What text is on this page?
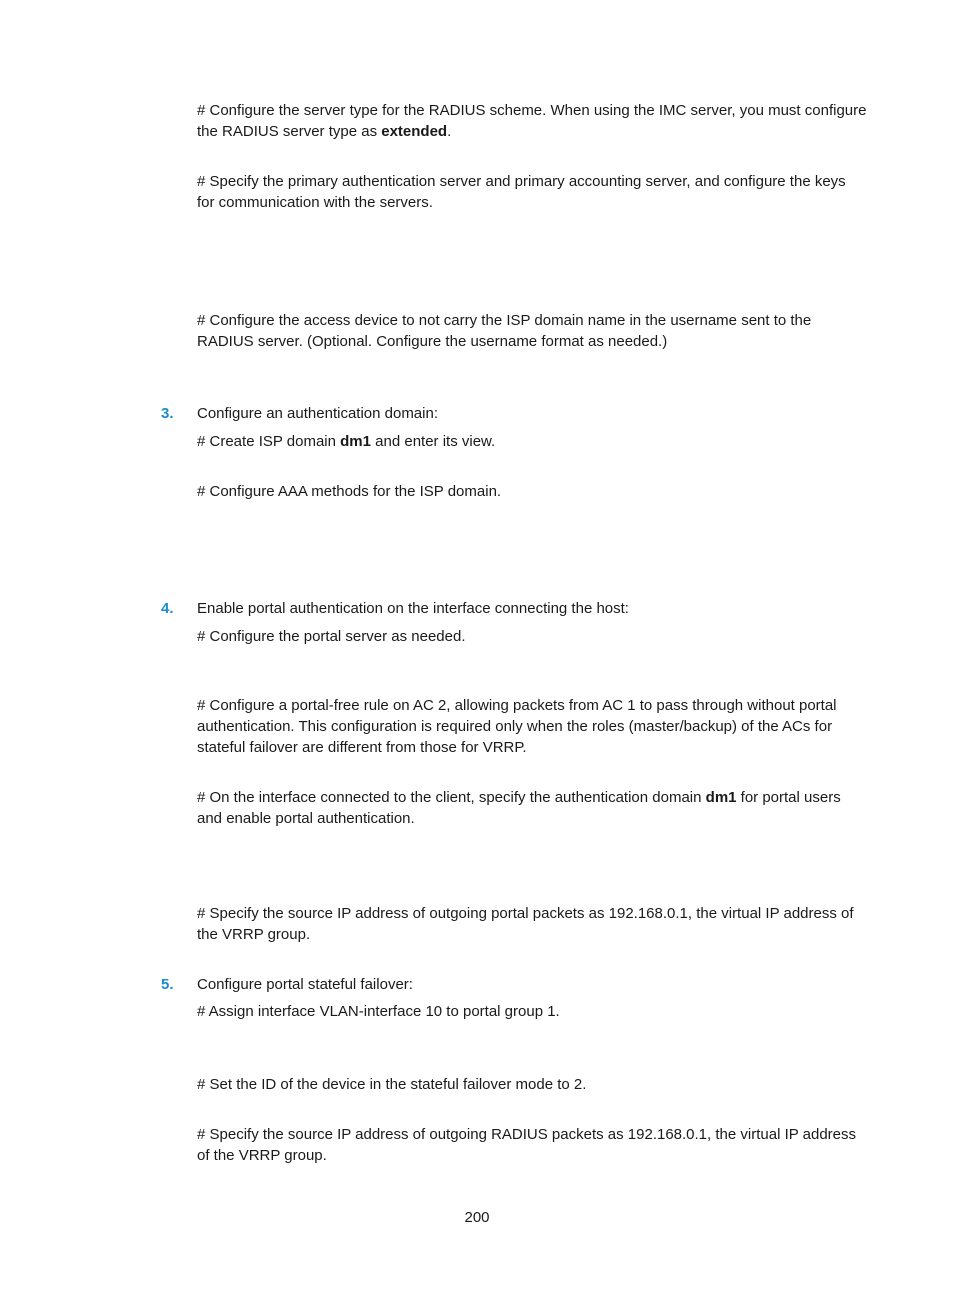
# Configure the server type for the RADIUS scheme. When using the IMC server, you must configure the RADIUS server type as extended.

# Specify the primary authentication server and primary accounting server, and configure the keys for communication with the servers.

# Configure the access device to not carry the ISP domain name in the username sent to the RADIUS server. (Optional. Configure the username format as needed.)

3. Configure an authentication domain:

# Create ISP domain dm1 and enter its view.

# Configure AAA methods for the ISP domain.

4. Enable portal authentication on the interface connecting the host:

# Configure the portal server as needed.

# Configure a portal-free rule on AC 2, allowing packets from AC 1 to pass through without portal authentication. This configuration is required only when the roles (master/backup) of the ACs for stateful failover are different from those for VRRP.

# On the interface connected to the client, specify the authentication domain dm1 for portal users and enable portal authentication.

# Specify the source IP address of outgoing portal packets as 192.168.0.1, the virtual IP address of the VRRP group.

5. Configure portal stateful failover:

# Assign interface VLAN-interface 10 to portal group 1.

# Set the ID of the device in the stateful failover mode to 2.

# Specify the source IP address of outgoing RADIUS packets as 192.168.0.1, the virtual IP address of the VRRP group.

200
